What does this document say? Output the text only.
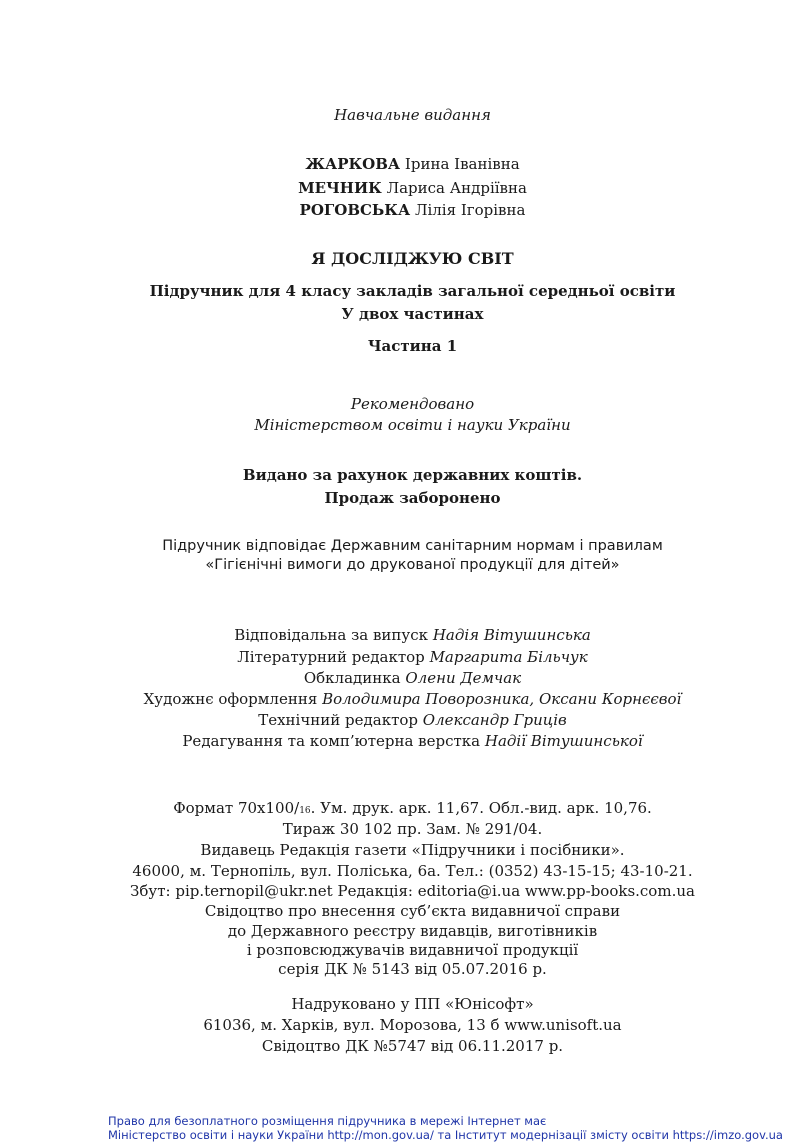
Навчальне видання
ЖАРКОВА Ірина Іванівна
МЕЧНИК Лариса Андріївна
РОГОВСЬКА Лілія Ігорівна
Я ДОСЛІДЖУЮ СВІТ
Підручник для 4 класу закладів загальної середньої освіти
У двох частинах
Частина 1
Рекомендовано
Міністерством освіти і науки України
Видано за рахунок державних коштів.
Продаж заборонено
Підручник відповідає Державним санітарним нормам і правилам
«Гігієнічні вимоги до друкованої продукції для дітей»
Відповідальна за випуск Надія Вітушинська
Літературний редактор Маргарита Більчук
Обкладинка Олени Демчак
Художнє оформлення Володимира Поворозника, Оксани Корнєєвої
Технічний редактор Олександр Гриців
Редагування та комп’ютерна верстка Надії Вітушинської
Формат 70х100/16. Ум. друк. арк. 11,67. Обл.-вид. арк. 10,76.
Тираж 30 102 пр. Зам. № 291/04.
Видавець Редакція газети «Підручники і посібники».
46000, м. Тернопіль, вул. Поліська, 6а. Тел.: (0352) 43-15-15; 43-10-21.
Збут: pip.ternopil@ukr.net Редакція: editoria@i.ua www.pp-books.com.ua
Свідоцтво про внесення суб’єкта видавничої справи
до Державного реєстру видавців, виготівників
і розповсюджувачів видавничої продукції
серія ДК № 5143 від 05.07.2016 р.
Надруковано у ПП «Юнісофт»
61036, м. Харків, вул. Морозова, 13 б www.unisoft.ua
Свідоцтво ДК №5747 від 06.11.2017 р.
Право для безоплатного розміщення підручника в мережі Інтернет має
Міністерство освіти і науки України http://mon.gov.ua/ та Інститут модернізації змісту освіти https://imzo.gov.ua
